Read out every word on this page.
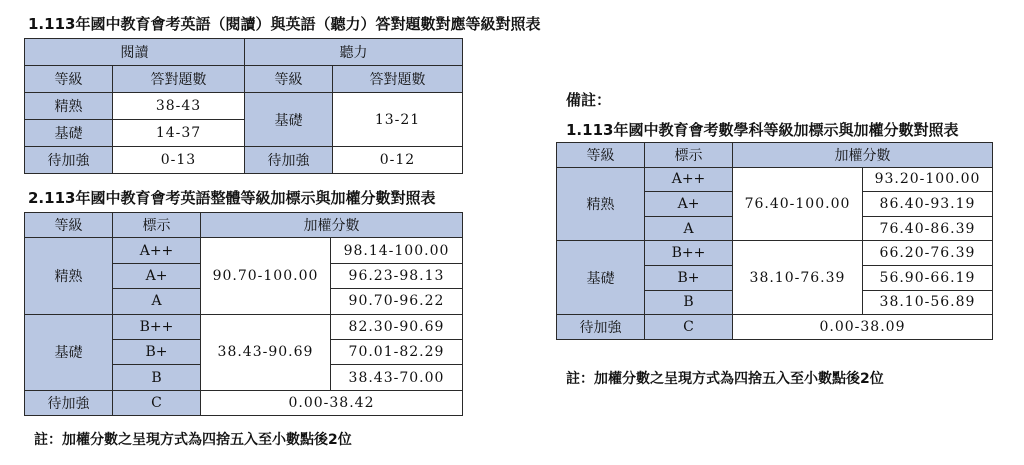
1.113年國中教育會考英語（閱讀）與英語（聽力）答對題數對應等級對照表
閱讀		聽力	
等級	答對題數	等級	答對題數
精熟	38-43	基礎	13-21
基礎	14-37		
待加強	0-13	待加強	0-12
2.113年國中教育會考英語整體等級加標示與加權分數對照表
等級	標示	加權分數	
精熟	A++	90.70-100.00	98.14-100.00
	A+		96.23-98.13
	A		90.70-96.22
基礎	B++	38.43-90.69	82.30-90.69
	B+		70.01-82.29
	B		38.43-70.00
待加強	C	0.00-38.42	
註：加權分數之呈現方式為四捨五入至小數點後2位
備註：
1.113年國中教育會考數學科等級加標示與加權分數對照表
等級	標示	加權分數	
精熟	A++	76.40-100.00	93.20-100.00
	A+		86.40-93.19
	A		76.40-86.39
基礎	B++	38.10-76.39	66.20-76.39
	B+		56.90-66.19
	B		38.10-56.89
待加強	C	0.00-38.09	
註：加權分數之呈現方式為四捨五入至小數點後2位
